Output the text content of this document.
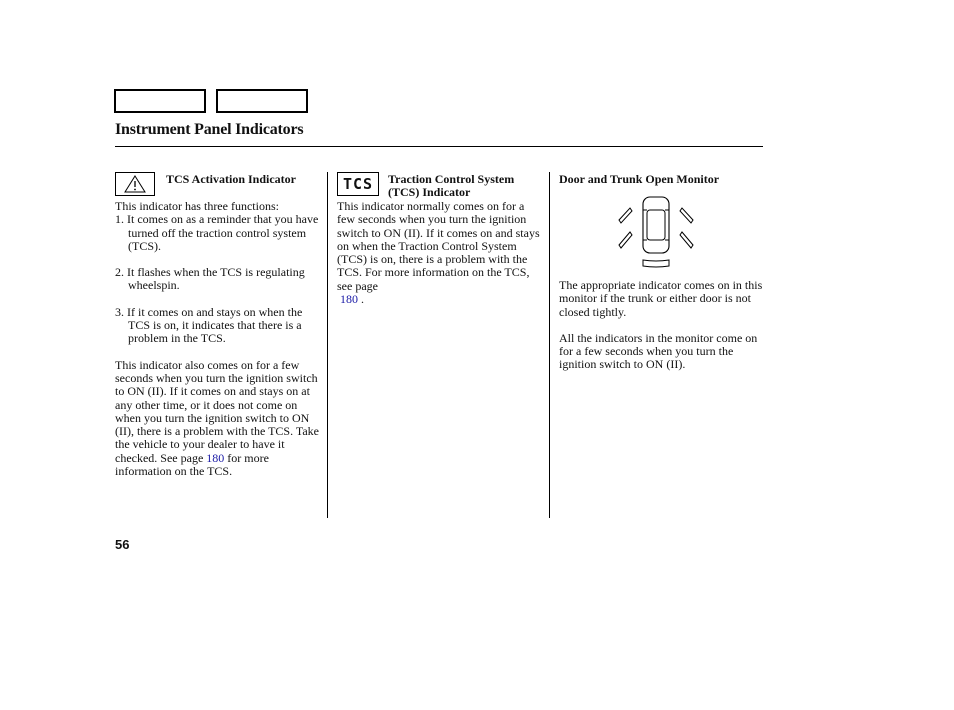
Instrument Panel Indicators
TCS Activation Indicator

This indicator has three functions:

1. It comes on as a reminder that you have turned off the traction control system (TCS).

2. It flashes when the TCS is regulating wheelspin.

3. If it comes on and stays on when the TCS is on, it indicates that there is a problem in the TCS.

This indicator also comes on for a few seconds when you turn the ignition switch to ON (II). If it comes on and stays on at any other time, or it does not come on when you turn the ignition switch to ON (II), there is a problem with the TCS. Take the vehicle to your dealer to have it checked. See page 180 for more information on the TCS.

TCS	Traction Control System (TCS) Indicator

This indicator normally comes on for a few seconds when you turn the ignition switch to ON (II). If it comes on and stays on when the Traction Control System (TCS) is on, there is a problem with the TCS. For more information on the TCS, see page
180 .

Door and Trunk Open Monitor

The appropriate indicator comes on in this monitor if the trunk or either door is not closed tightly.

All the indicators in the monitor come on for a few seconds when you turn the ignition switch to ON (II).

56
